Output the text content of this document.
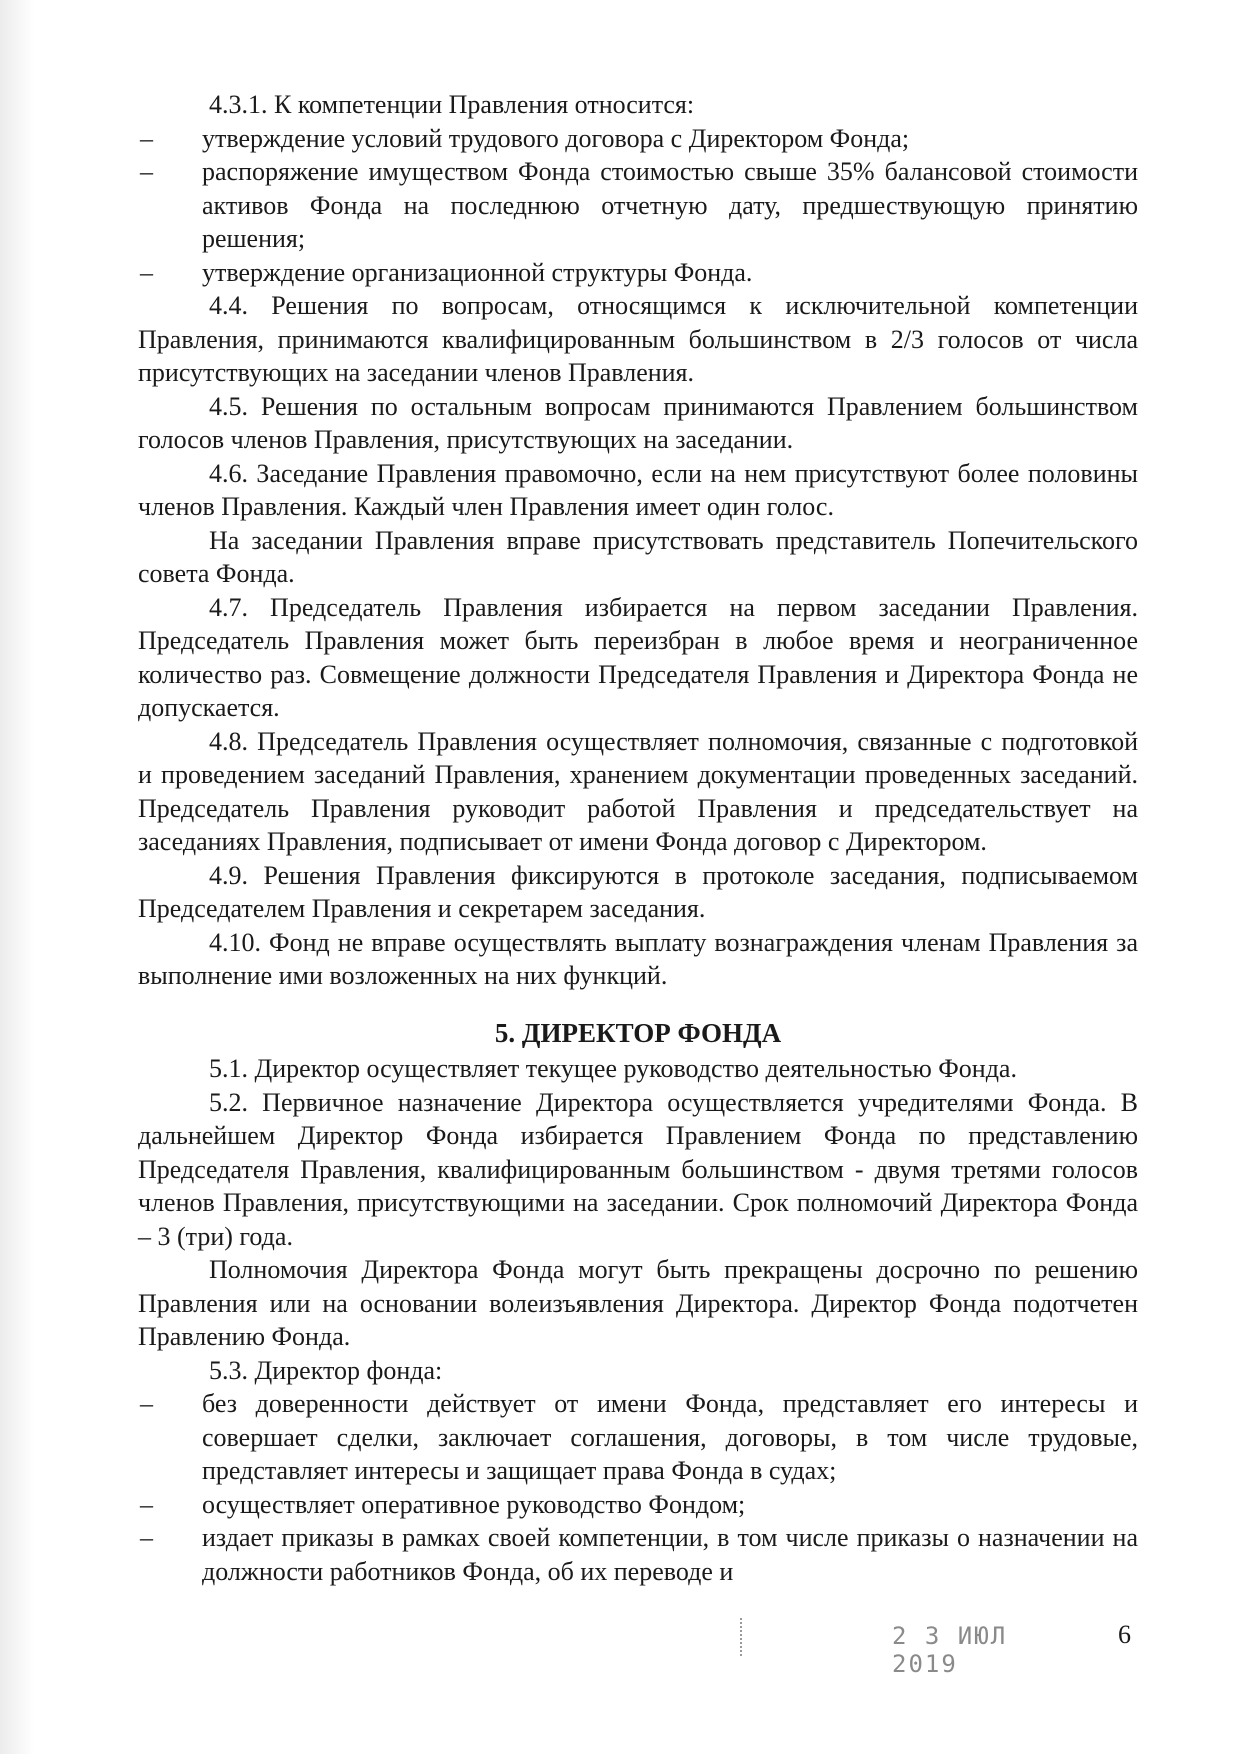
4.3.1. К компетенции Правления относится:

– утверждение условий трудового договора с Директором Фонда;
– распоряжение имуществом Фонда стоимостью свыше 35% балансовой стоимости активов Фонда на последнюю отчетную дату, предшествующую принятию решения;
– утверждение организационной структуры Фонда.

4.4. Решения по вопросам, относящимся к исключительной компетенции Правления, принимаются квалифицированным большинством в 2/3 голосов от числа присутствующих на заседании членов Правления.

4.5. Решения по остальным вопросам принимаются Правлением большинством голосов членов Правления, присутствующих на заседании.

4.6. Заседание Правления правомочно, если на нем присутствуют более половины членов Правления. Каждый член Правления имеет один голос.

На заседании Правления вправе присутствовать представитель Попечительского совета Фонда.

4.7. Председатель Правления избирается на первом заседании Правления. Председатель Правления может быть переизбран в любое время и неограниченное количество раз. Совмещение должности Председателя Правления и Директора Фонда не допускается.

4.8. Председатель Правления осуществляет полномочия, связанные с подготовкой и проведением заседаний Правления, хранением документации проведенных заседаний. Председатель Правления руководит работой Правления и председательствует на заседаниях Правления, подписывает от имени Фонда договор с Директором.

4.9. Решения Правления фиксируются в протоколе заседания, подписываемом Председателем Правления и секретарем заседания.

4.10. Фонд не вправе осуществлять выплату вознаграждения членам Правления за выполнение ими возложенных на них функций.

5. ДИРЕКТОР ФОНДА

5.1. Директор осуществляет текущее руководство деятельностью Фонда.

5.2. Первичное назначение Директора осуществляется учредителями Фонда. В дальнейшем Директор Фонда избирается Правлением Фонда по представлению Председателя Правления, квалифицированным большинством - двумя третями голосов членов Правления, присутствующими на заседании. Срок полномочий Директора Фонда – 3 (три) года.

Полномочия Директора Фонда могут быть прекращены досрочно по решению Правления или на основании волеизъявления Директора. Директор Фонда подотчетен Правлению Фонда.

5.3. Директор фонда:

– без доверенности действует от имени Фонда, представляет его интересы и совершает сделки, заключает соглашения, договоры, в том числе трудовые, представляет интересы и защищает права Фонда в судах;
– осуществляет оперативное руководство Фондом;
– издает приказы в рамках своей компетенции, в том числе приказы о назначении на должности работников Фонда, об их переводе и
2 3 ИЮЛ 2019
6
